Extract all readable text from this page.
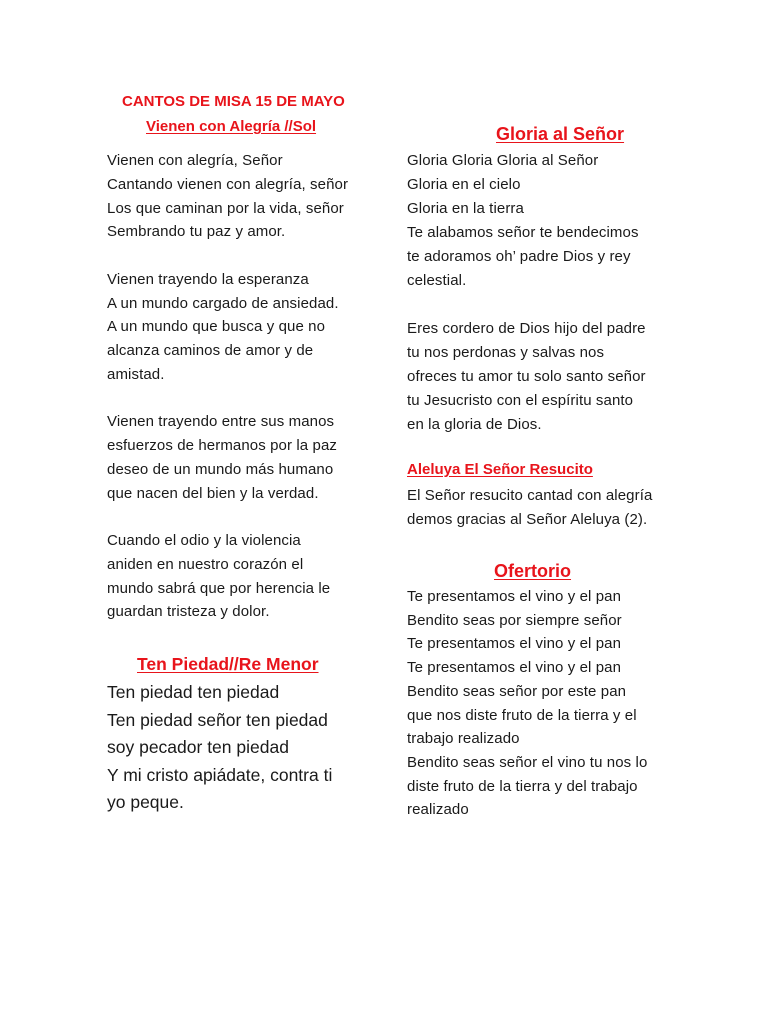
CANTOS DE MISA 15 DE MAYO
Vienen con Alegría //Sol
Vienen con alegría, Señor
Cantando vienen con alegría, señor
Los que caminan por la vida, señor
Sembrando tu paz y amor.
Vienen trayendo la esperanza
A un mundo cargado de ansiedad.
A un mundo que busca y que no
alcanza caminos de amor y de
amistad.
Vienen trayendo entre sus manos
esfuerzos de hermanos por la paz
deseo de un mundo más humano
que nacen del bien y la verdad.
Cuando el odio y la violencia
aniden en nuestro corazón el
mundo sabrá que por herencia le
guardan tristeza y dolor.
Ten Piedad//Re Menor
Ten piedad ten piedad
Ten piedad señor ten piedad
soy pecador ten piedad
Y mi cristo apiádate, contra ti
yo peque.
Gloria al Señor
Gloria Gloria Gloria al Señor
Gloria en el cielo
Gloria en la tierra
Te alabamos señor te bendecimos
te adoramos oh’ padre Dios y rey
celestial.
Eres cordero de Dios hijo del padre
tu nos perdonas y salvas nos
ofreces tu amor tu solo santo señor
tu Jesucristo con el espíritu santo
en la gloria de Dios.
Aleluya El Señor Resucito
El Señor resucito cantad con alegría
demos gracias al Señor Aleluya (2).
Ofertorio
Te presentamos el vino y el pan
Bendito seas por siempre señor
Te presentamos el vino y el pan
Te presentamos el vino y el pan
Bendito seas señor por este pan
que nos diste fruto de la tierra y el
trabajo realizado
Bendito seas señor el vino tu nos lo
diste fruto de la tierra y del trabajo
realizado
